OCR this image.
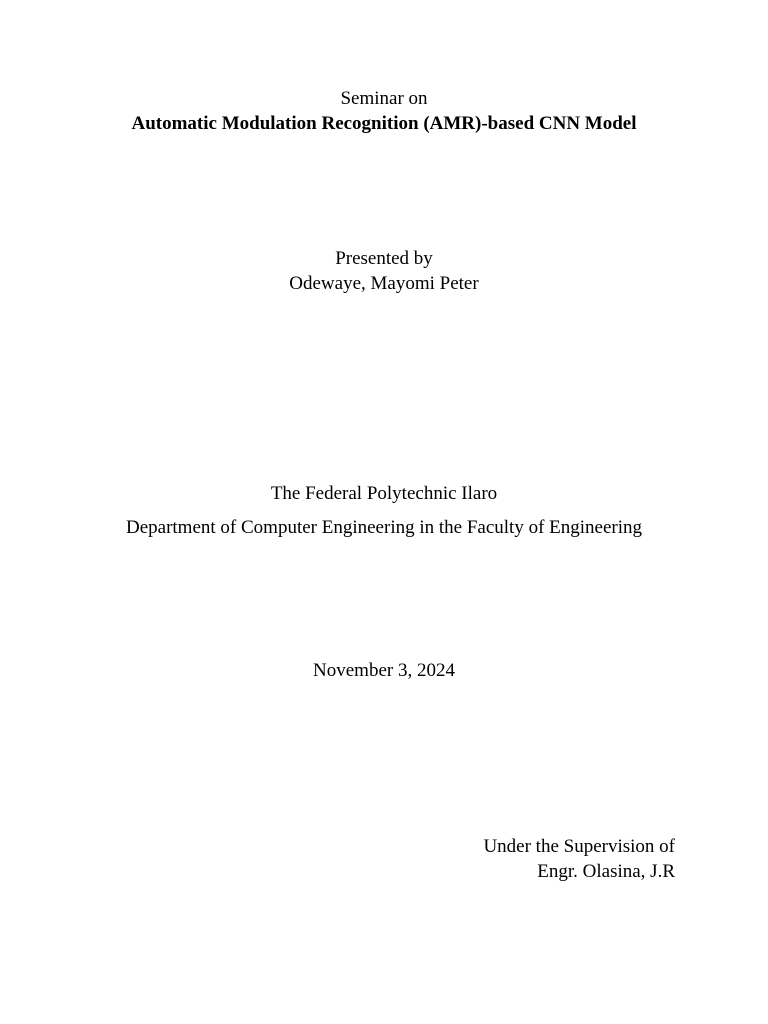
Seminar on
Automatic Modulation Recognition (AMR)-based CNN Model
Presented by
Odewaye, Mayomi Peter
The Federal Polytechnic Ilaro
Department of Computer Engineering in the Faculty of Engineering
November 3, 2024
Under the Supervision of
Engr. Olasina, J.R
